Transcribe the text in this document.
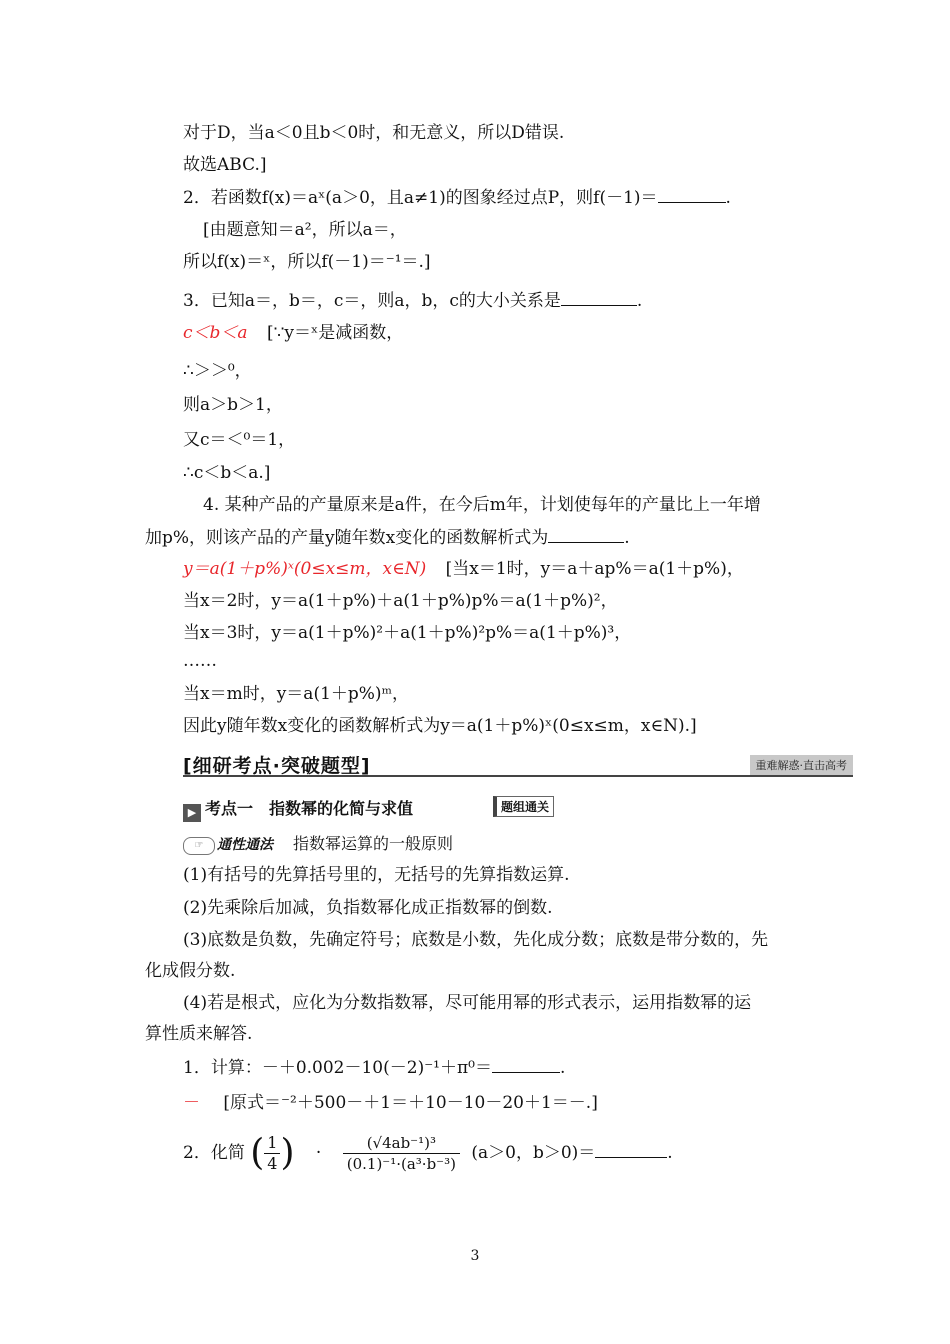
对于D，当a＜0且b＜0时，和无意义，所以D错误.
故选ABC.]
2．若函数f(x)＝aˣ(a＞0，且a≠1)的图象经过点P，则f(－1)＝	.
[由题意知＝a²，所以a＝，
所以f(x)＝ˣ，所以f(－1)＝⁻¹＝.]
3．已知a＝，b＝，c＝，则a，b，c的大小关系是	.
c＜b＜a [∵y＝ˣ是减函数，
∴＞＞⁰，
则a＞b＞1，
又c＝＜⁰＝1，
∴c＜b＜a.]
4. 某种产品的产量原来是a件，在今后m年，计划使每年的产量比上一年增
加p%，则该产品的产量y随年数x变化的函数解析式为	.
y＝a(1＋p%)ˣ(0≤x≤m，x∈N) [当x＝1时，y＝a＋ap%＝a(1＋p%)，
当x＝2时，y＝a(1＋p%)＋a(1＋p%)p%＝a(1＋p%)²，
当x＝3时，y＝a(1＋p%)²＋a(1＋p%)²p%＝a(1＋p%)³，
……
当x＝m时，y＝a(1＋p%)ᵐ，
因此y随年数x变化的函数解析式为y＝a(1＋p%)ˣ(0≤x≤m，x∈N).]
[细研考点·突破题型]	重难解惑·直击高考
▶ 考点一　指数幂的化简与求值	题组通关
☞ 通性通法 指数幂运算的一般原则
(1)有括号的先算括号里的，无括号的先算指数运算.
(2)先乘除后加减，负指数幂化成正指数幂的倒数.
(3)底数是负数，先确定符号；底数是小数，先化成分数；底数是带分数的，先
化成假分数.
(4)若是根式，应化为分数指数幂，尽可能用幂的形式表示，运用指数幂的运
算性质来解答.
1．计算：－＋0.002－10(－2)⁻¹＋π⁰＝	.
－ [原式＝⁻²＋500－＋1＝＋10－10－20＋1＝－.]
2．化简 ( $\frac{1}{4}$ ) · $\frac{\text{(√4ab⁻¹)³}}{\text{(0.1)⁻¹·(a³·b⁻³)}} (a>0$，b＞0)＝	.
3
